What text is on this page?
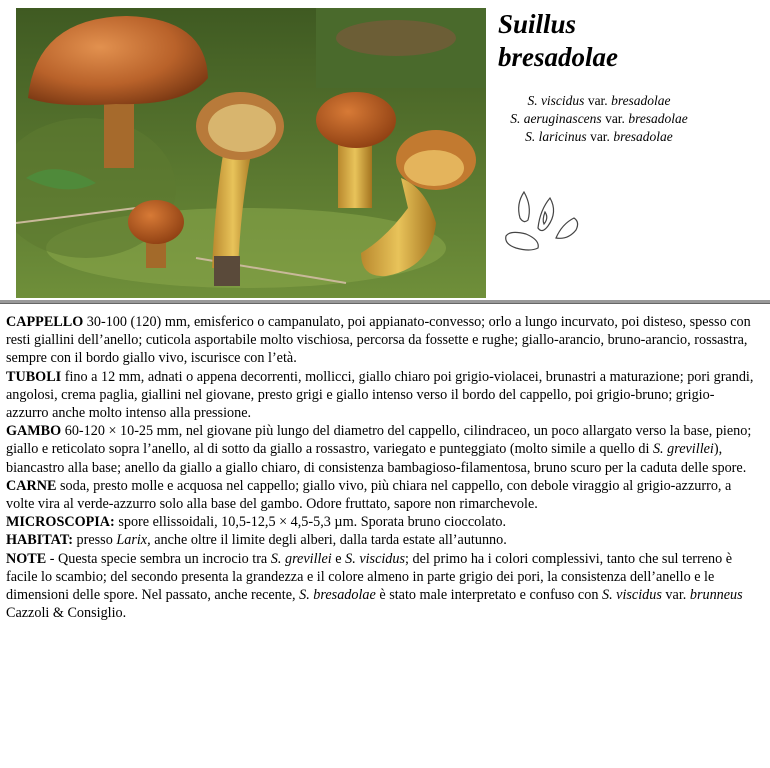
Suillus
bresadolae
S. viscidus var. bresadolae
S. aeruginascens var. bresadolae
S. laricinus var. bresadolae

CAPPELLO 30-100 (120) mm, emisferico o campanulato, poi appianato-convesso; orlo a lungo incurvato, poi disteso, spesso con resti giallini dell’anello; cuticola asportabile molto vischiosa, percorsa da fossette e rughe; giallo-arancio, bruno-arancio, rossastra, sempre con il bordo giallo vivo, iscurisce con l’età.

TUBOLI fino a 12 mm, adnati o appena decorrenti, mollicci, giallo chiaro poi grigio-violacei, brunastri a maturazione; pori grandi, angolosi, crema paglia, giallini nel giovane, presto grigi e giallo intenso verso il bordo del cappello, poi grigio-bruno; grigio-azzurro anche molto intenso alla pressione.

GAMBO 60-120 × 10-25 mm, nel giovane più lungo del diametro del cappello, cilindraceo, un poco allargato verso la base, pieno; giallo e reticolato sopra l’anello, al di sotto da giallo a rossastro, variegato e punteggiato (molto simile a quello di S. grevillei), biancastro alla base; anello da giallo a giallo chiaro, di consistenza bambagioso-filamentosa, bruno scuro per la caduta delle spore.

CARNE soda, presto molle e acquosa nel cappello; giallo vivo, più chiara nel cappello, con debole viraggio al grigio-azzurro, a volte vira al verde-azzurro solo alla base del gambo. Odore fruttato, sapore non rimarchevole.

MICROSCOPIA: spore ellissoidali, 10,5-12,5 × 4,5-5,3 µm. Sporata bruno cioccolato.

HABITAT: presso Larix, anche oltre il limite degli alberi, dalla tarda estate all’autunno.

NOTE - Questa specie sembra un incrocio tra S. grevillei e S. viscidus; del primo ha i colori complessivi, tanto che sul terreno è facile lo scambio; del secondo presenta la grandezza e il colore almeno in parte grigio dei pori, la consistenza dell’anello e le dimensioni delle spore. Nel passato, anche recente, S. bresadolae è stato male interpretato e confuso con S. viscidus var. brunneus Cazzoli & Consiglio.
